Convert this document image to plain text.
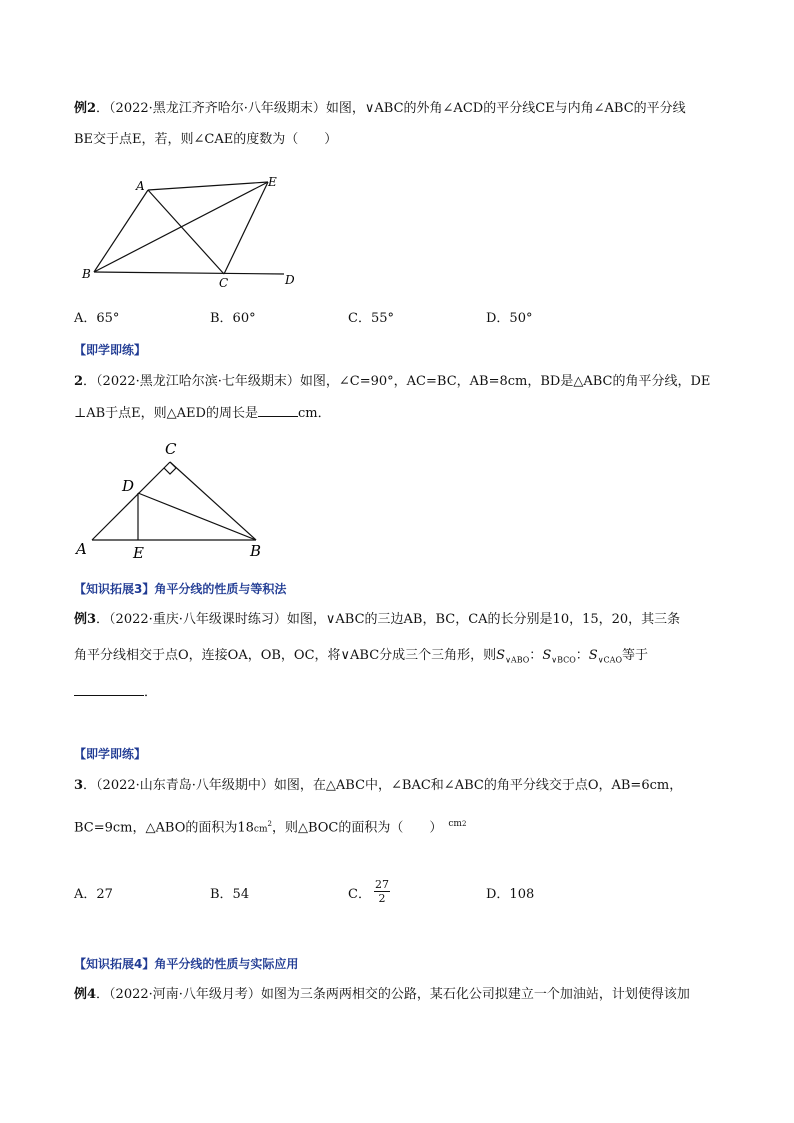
例2．（2022·黑龙江齐齐哈尔·八年级期末）如图，∨ABC的外角∠ACD的平分线CE与内角∠ABC的平分线
BE交于点E，若，则∠CAE的度数为（　　）
A	E
B
C	D
A．65°	B．60°	C．55°	D．50°
【即学即练】
2．（2022·黑龙江哈尔滨·七年级期末）如图，∠C=90°，AC=BC，AB=8cm，BD是△ABC的角平分线，DE
⊥AB于点E，则△AED的周长是	cm．
C
D
A	E	B
【知识拓展3】角平分线的性质与等积法
例3．（2022·重庆·八年级课时练习）如图，∨ABC的三边AB，BC，CA的长分别是10，15，20，其三条
角平分线相交于点O，连接OA，OB，OC，将∨ABC分成三个三角形，则$S_{\vee ABO}$：$S_{\vee BCO}$：$S_{\vee CAO}$等于
．
【即学即练】
3．（2022·山东青岛·八年级期中）如图，在△ABC中，∠BAC和∠ABC的角平分线交于点O，AB=6cm，
BC=9cm，△ABO的面积为$18cm^2$，则△BOC的面积为（　　） $^{cm2}$
A．27	B．54	C． $\frac{27}{2}$	D．108
【知识拓展4】角平分线的性质与实际应用
例4．（2022·河南·八年级月考）如图为三条两两相交的公路，某石化公司拟建立一个加油站，计划使得该加
